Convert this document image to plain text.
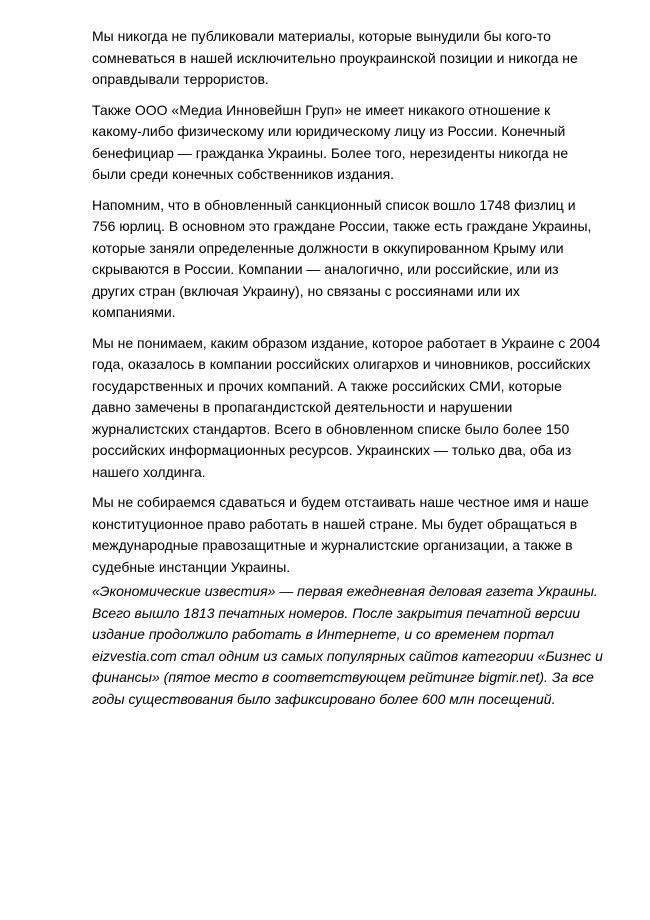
Мы никогда не публиковали материалы, которые вынудили бы кого-то сомневаться в нашей исключительно проукраинской позиции и никогда не оправдывали террористов.

Также ООО «Медиа Инновейшн Груп» не имеет никакого отношение к какому-либо физическому или юридическому лицу из России. Конечный бенефициар — гражданка Украины. Более того, нерезиденты никогда не были среди конечных собственников издания.

Напомним, что в обновленный санкционный список вошло 1748 физлиц и 756 юрлиц. В основном это граждане России, также есть граждане Украины, которые заняли определенные должности в оккупированном Крыму или скрываются в России. Компании — аналогично, или российские, или из других стран (включая Украину), но связаны с россиянами или их компаниями.

Мы не понимаем, каким образом издание, которое работает в Украине с 2004 года, оказалось в компании российских олигархов и чиновников, российских государственных и прочих компаний. А также российских СМИ, которые давно замечены в пропагандистской деятельности и нарушении журналистских стандартов. Всего в обновленном списке было более 150 российских информационных ресурсов. Украинских — только два, оба из нашего холдинга.

Мы не собираемся сдаваться и будем отстаивать наше честное имя и наше конституционное право работать в нашей стране. Мы будет обращаться в международные правозащитные и журналистские организации, а также в судебные инстанции Украины.

«Экономические известия» — первая ежедневная деловая газета Украины. Всего вышло 1813 печатных номеров. После закрытия печатной версии издание продолжило работать в Интернете, и со временем портал eizvestia.com стал одним из самых популярных сайтов категории «Бизнес и финансы» (пятое место в соответствующем рейтинге bigmir.net). За все годы существования было зафиксировано более 600 млн посещений.
